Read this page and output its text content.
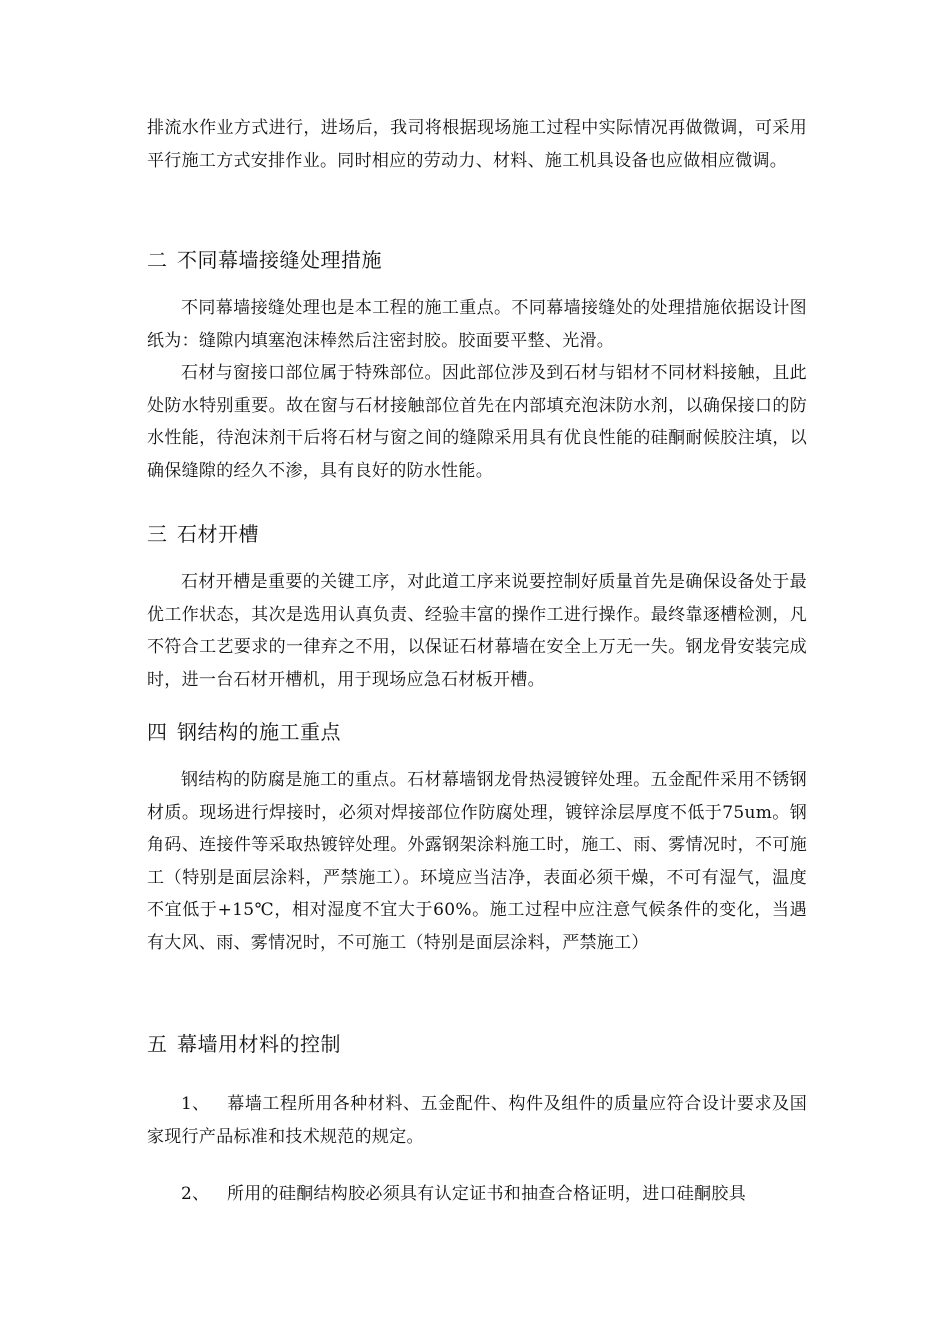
排流水作业方式进行，进场后，我司将根据现场施工过程中实际情况再做微调，可采用平行施工方式安排作业。同时相应的劳动力、材料、施工机具设备也应做相应微调。

二 不同幕墙接缝处理措施

不同幕墙接缝处理也是本工程的施工重点。不同幕墙接缝处的处理措施依据设计图纸为：缝隙内填塞泡沫棒然后注密封胶。胶面要平整、光滑。

石材与窗接口部位属于特殊部位。因此部位涉及到石材与铝材不同材料接触，且此处防水特别重要。故在窗与石材接触部位首先在内部填充泡沫防水剂，以确保接口的防水性能，待泡沫剂干后将石材与窗之间的缝隙采用具有优良性能的硅酮耐候胶注填，以确保缝隙的经久不渗，具有良好的防水性能。

三 石材开槽

石材开槽是重要的关键工序，对此道工序来说要控制好质量首先是确保设备处于最优工作状态，其次是选用认真负责、经验丰富的操作工进行操作。最终靠逐槽检测，凡不符合工艺要求的一律弃之不用，以保证石材幕墙在安全上万无一失。钢龙骨安装完成时，进一台石材开槽机，用于现场应急石材板开槽。

四 钢结构的施工重点

钢结构的防腐是施工的重点。石材幕墙钢龙骨热浸镀锌处理。五金配件采用不锈钢材质。现场进行焊接时，必须对焊接部位作防腐处理，镀锌涂层厚度不低于75um。钢角码、连接件等采取热镀锌处理。外露钢架涂料施工时，施工、雨、雾情况时，不可施工（特别是面层涂料，严禁施工）。环境应当洁净，表面必须干燥，不可有湿气，温度不宜低于+15℃，相对湿度不宜大于60%。施工过程中应注意气候条件的变化，当遇有大风、雨、雾情况时，不可施工（特别是面层涂料，严禁施工）

五 幕墙用材料的控制

1、 幕墙工程所用各种材料、五金配件、构件及组件的质量应符合设计要求及国家现行产品标准和技术规范的规定。

2、 所用的硅酮结构胶必须具有认定证书和抽查合格证明，进口硅酮胶具
